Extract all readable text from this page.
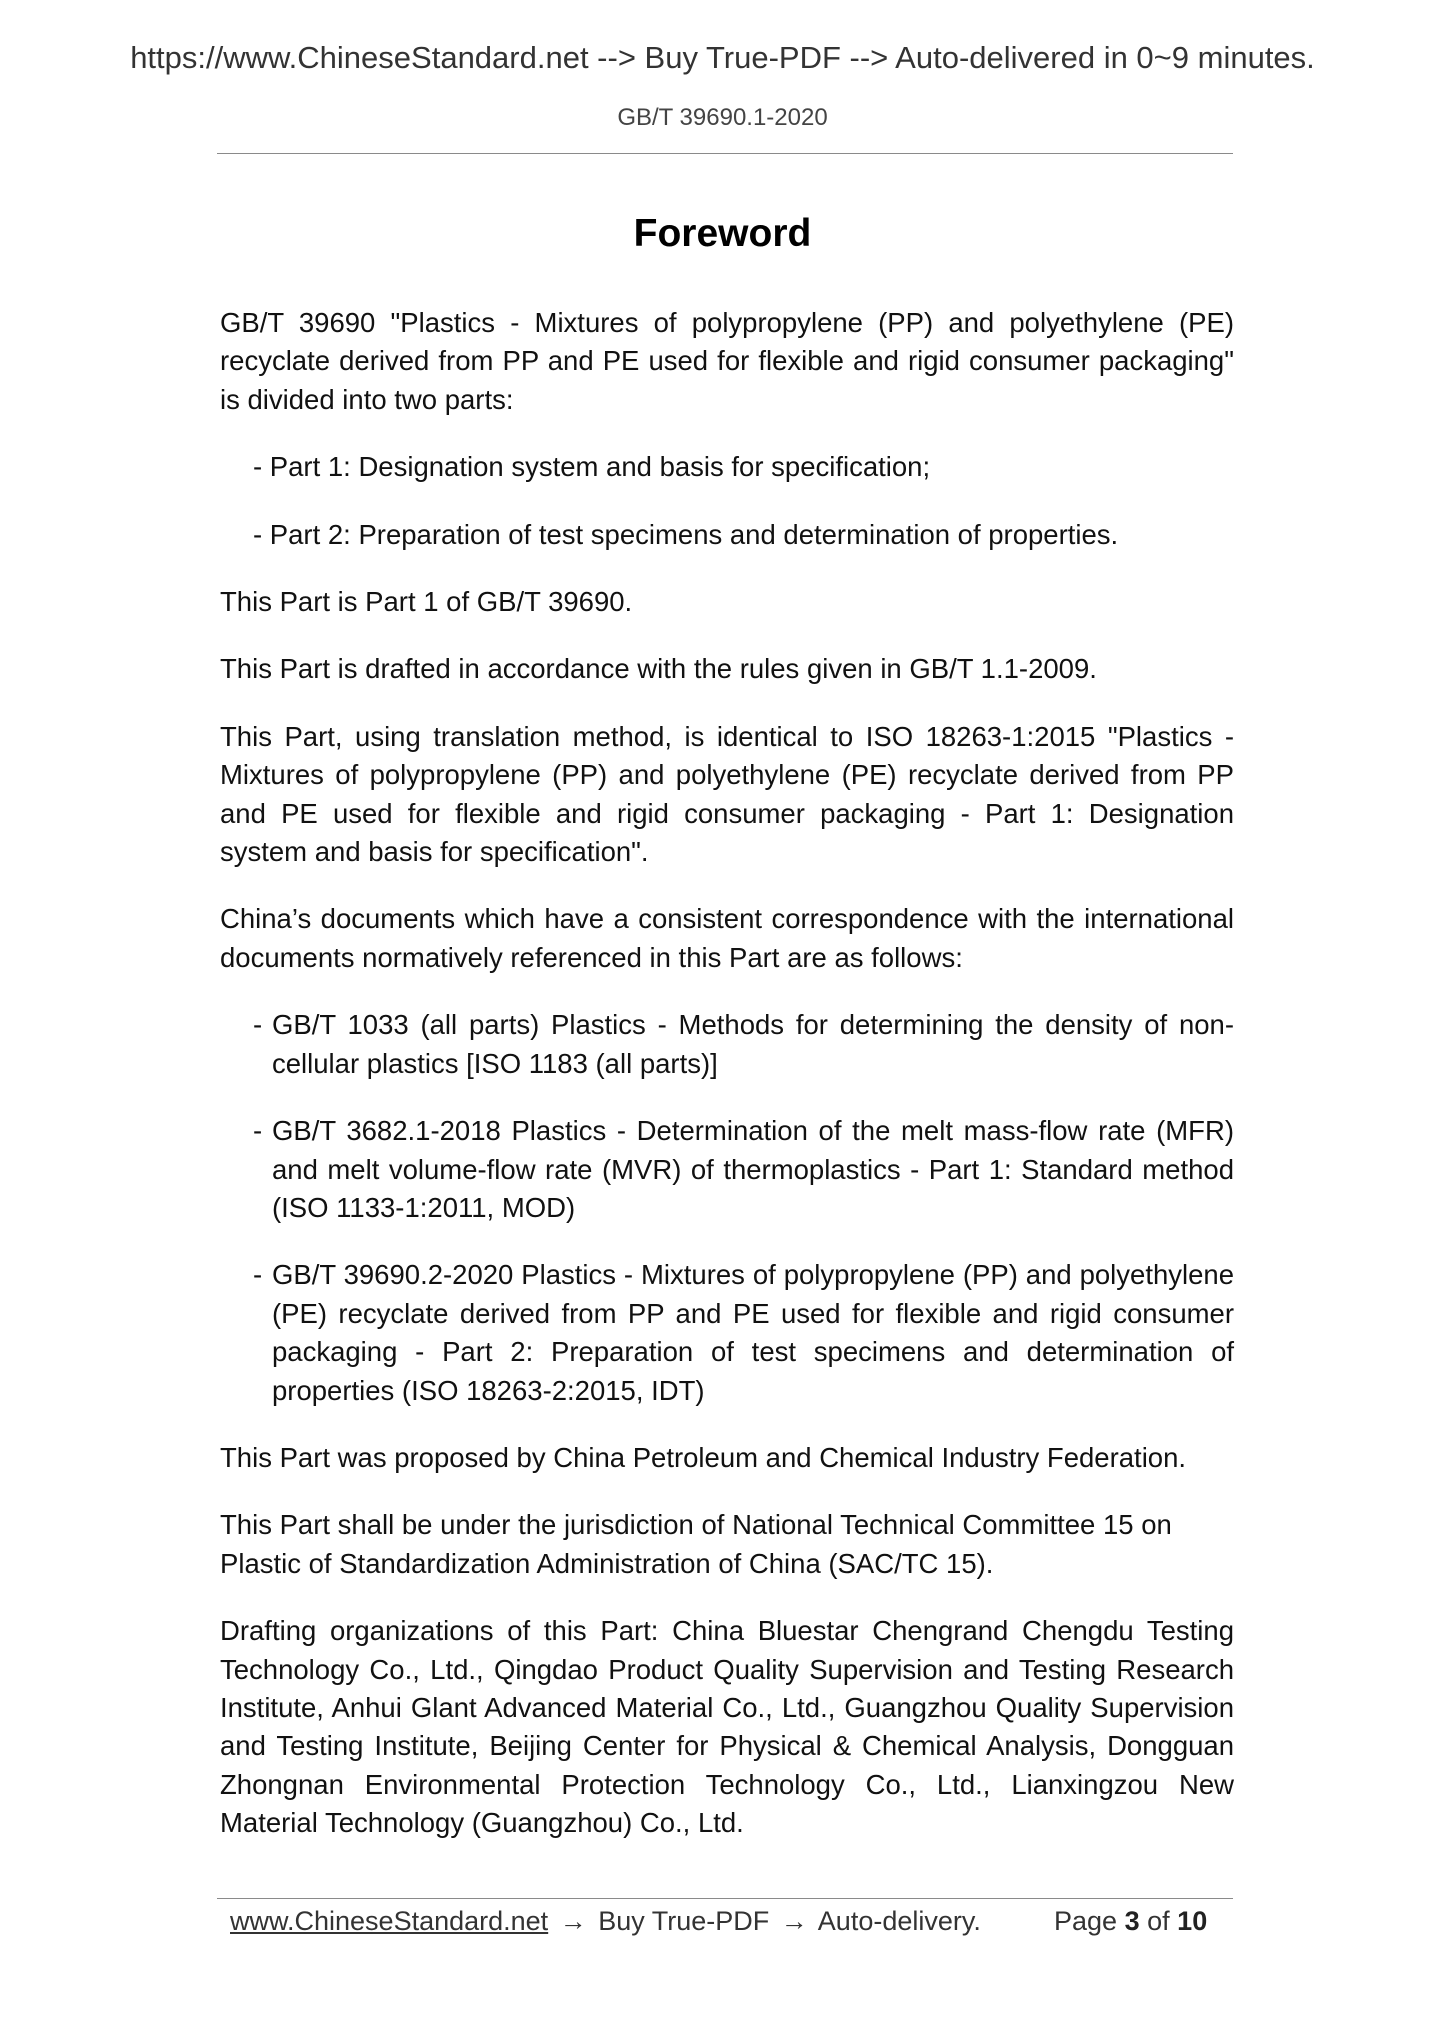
https://www.ChineseStandard.net --> Buy True-PDF --> Auto-delivered in 0~9 minutes.
GB/T 39690.1-2020
Foreword

GB/T 39690 "Plastics - Mixtures of polypropylene (PP) and polyethylene (PE) recyclate derived from PP and PE used for flexible and rigid consumer packaging" is divided into two parts:

- Part 1: Designation system and basis for specification;
- Part 2: Preparation of test specimens and determination of properties.

This Part is Part 1 of GB/T 39690.

This Part is drafted in accordance with the rules given in GB/T 1.1-2009.

This Part, using translation method, is identical to ISO 18263-1:2015 "Plastics - Mixtures of polypropylene (PP) and polyethylene (PE) recyclate derived from PP and PE used for flexible and rigid consumer packaging - Part 1: Designation system and basis for specification".

China’s documents which have a consistent correspondence with the international documents normatively referenced in this Part are as follows:

- GB/T 1033 (all parts) Plastics - Methods for determining the density of non-cellular plastics [ISO 1183 (all parts)]
- GB/T 3682.1-2018 Plastics - Determination of the melt mass-flow rate (MFR) and melt volume-flow rate (MVR) of thermoplastics - Part 1: Standard method (ISO 1133-1:2011, MOD)
- GB/T 39690.2-2020 Plastics - Mixtures of polypropylene (PP) and polyethylene (PE) recyclate derived from PP and PE used for flexible and rigid consumer packaging - Part 2: Preparation of test specimens and determination of properties (ISO 18263-2:2015, IDT)

This Part was proposed by China Petroleum and Chemical Industry Federation.

This Part shall be under the jurisdiction of National Technical Committee 15 on Plastic of Standardization Administration of China (SAC/TC 15).

Drafting organizations of this Part: China Bluestar Chengrand Chengdu Testing Technology Co., Ltd., Qingdao Product Quality Supervision and Testing Research Institute, Anhui Glant Advanced Material Co., Ltd., Guangzhou Quality Supervision and Testing Institute, Beijing Center for Physical & Chemical Analysis, Dongguan Zhongnan Environmental Protection Technology Co., Ltd., Lianxingzou New Material Technology (Guangzhou) Co., Ltd.

www.ChineseStandard.net → Buy True-PDF → Auto-delivery.	Page 3 of 10
